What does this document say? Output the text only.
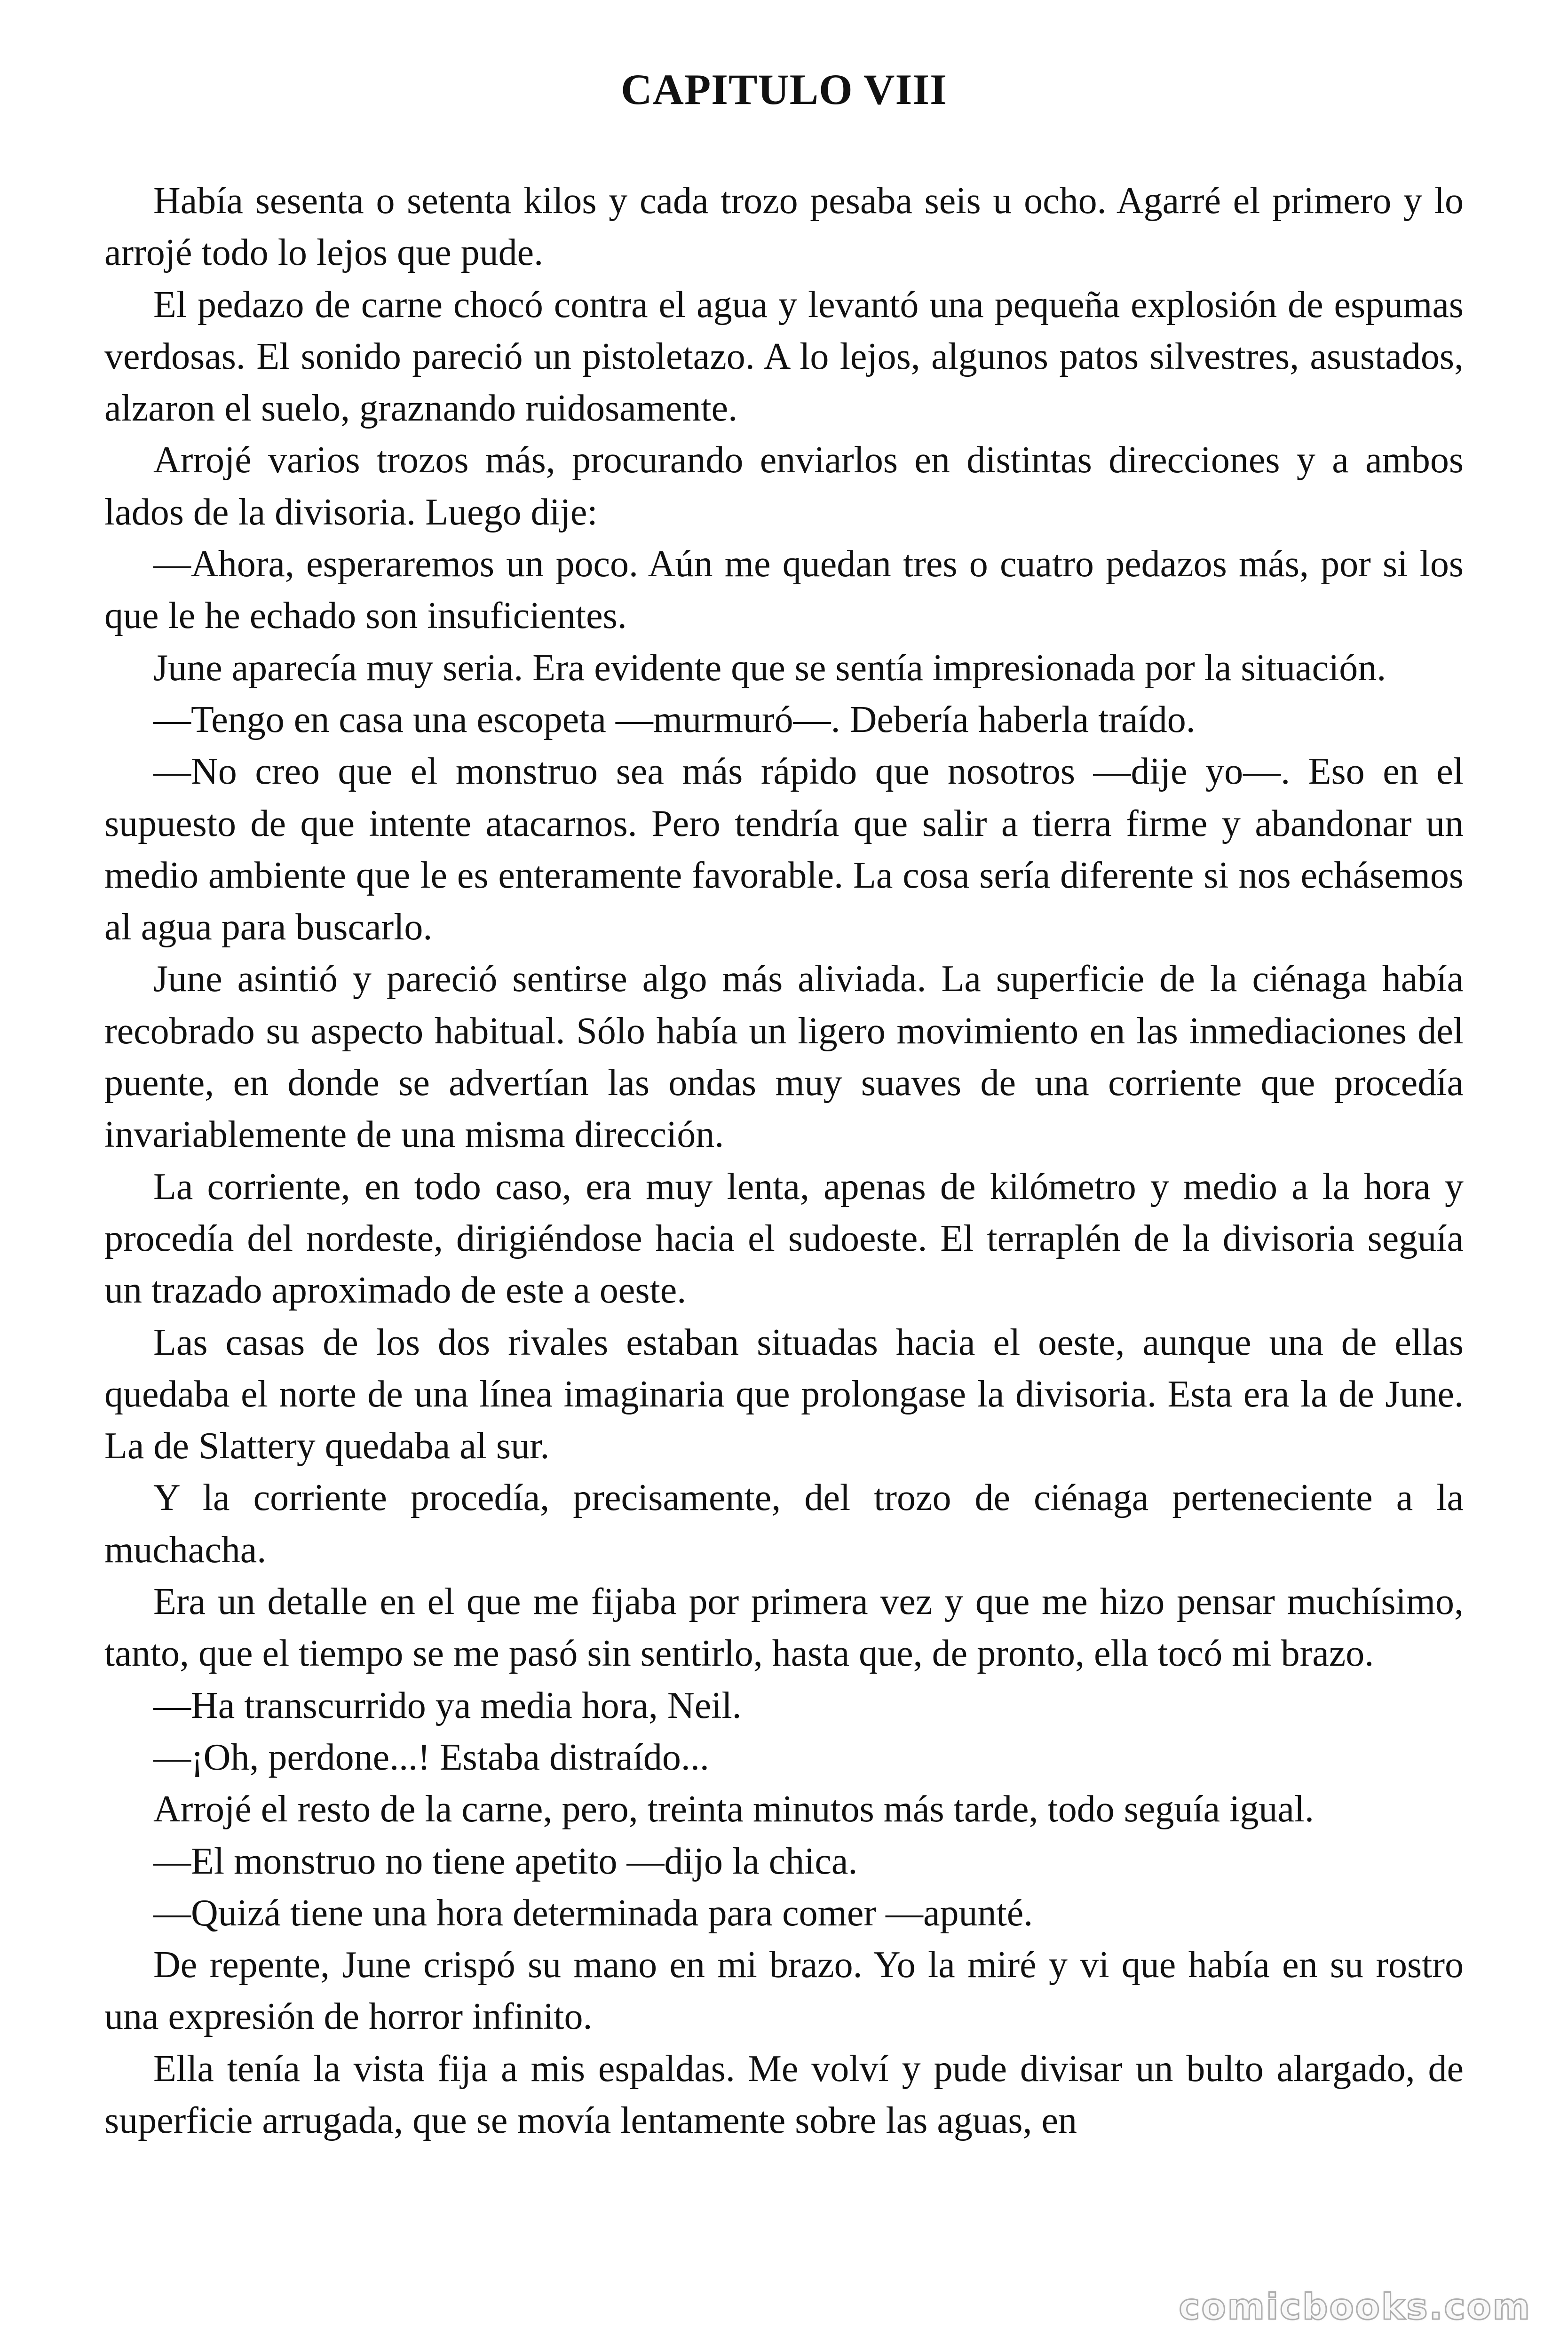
CAPITULO VIII

Había sesenta o setenta kilos y cada trozo pesaba seis u ocho. Agarré el primero y lo arrojé todo lo lejos que pude.

El pedazo de carne chocó contra el agua y levantó una pequeña explosión de espumas verdosas. El sonido pareció un pistoletazo. A lo lejos, algunos patos silvestres, asustados, alzaron el suelo, graznando ruidosamente.

Arrojé varios trozos más, procurando enviarlos en distintas direcciones y a ambos lados de la divisoria. Luego dije:

—Ahora, esperaremos un poco. Aún me quedan tres o cuatro pedazos más, por si los que le he echado son insuficientes.

June aparecía muy seria. Era evidente que se sentía impresionada por la situación.

—Tengo en casa una escopeta —murmuró—. Debería haberla traído.

—No creo que el monstruo sea más rápido que nosotros —dije yo—. Eso en el supuesto de que intente atacarnos. Pero tendría que salir a tierra firme y abandonar un medio ambiente que le es enteramente favorable. La cosa sería diferente si nos echásemos al agua para buscarlo.

June asintió y pareció sentirse algo más aliviada. La superficie de la ciénaga había recobrado su aspecto habitual. Sólo había un ligero movimiento en las inmediaciones del puente, en donde se advertían las ondas muy suaves de una corriente que procedía invariablemente de una misma dirección.

La corriente, en todo caso, era muy lenta, apenas de kilómetro y medio a la hora y procedía del nordeste, dirigiéndose hacia el sudoeste. El terraplén de la divisoria seguía un trazado aproximado de este a oeste.

Las casas de los dos rivales estaban situadas hacia el oeste, aunque una de ellas quedaba el norte de una línea imaginaria que prolongase la divisoria. Esta era la de June. La de Slattery quedaba al sur.

Y la corriente procedía, precisamente, del trozo de ciénaga perteneciente a la muchacha.

Era un detalle en el que me fijaba por primera vez y que me hizo pensar muchísimo, tanto, que el tiempo se me pasó sin sentirlo, hasta que, de pronto, ella tocó mi brazo.

—Ha transcurrido ya media hora, Neil.

—¡Oh, perdone...! Estaba distraído...

Arrojé el resto de la carne, pero, treinta minutos más tarde, todo seguía igual.

—El monstruo no tiene apetito —dijo la chica.

—Quizá tiene una hora determinada para comer —apunté.

De repente, June crispó su mano en mi brazo. Yo la miré y vi que había en su rostro una expresión de horror infinito.

Ella tenía la vista fija a mis espaldas. Me volví y pude divisar un bulto alargado, de superficie arrugada, que se movía lentamente sobre las aguas, en

comicbooks.com
